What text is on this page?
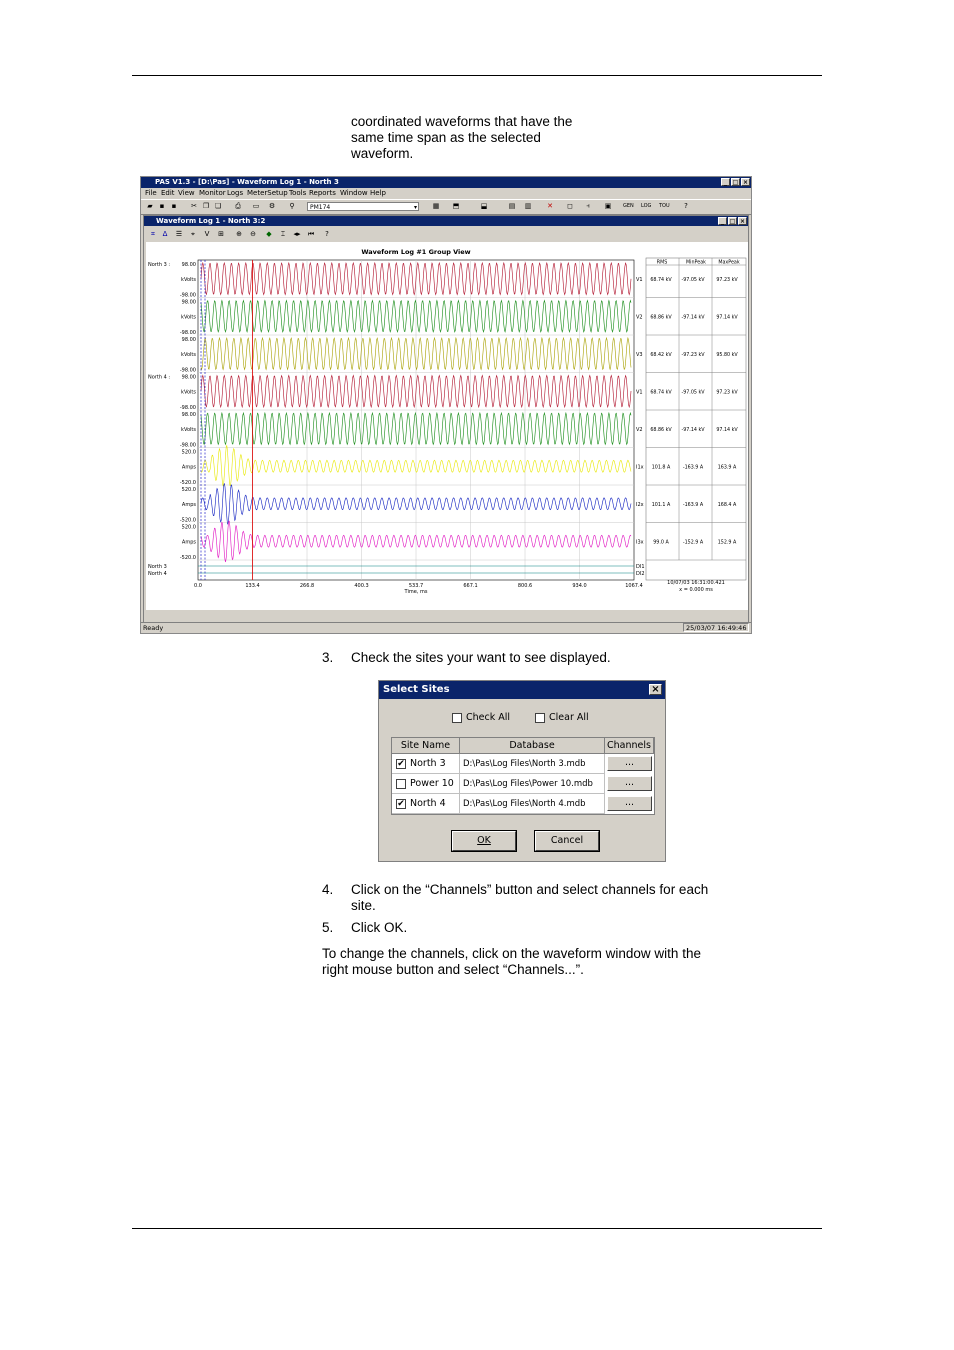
coordinated waveforms that have the
same time span as the selected
waveform.
PAS V1.3 - [D:\Pas] - Waveform Log 1 - North 3	_ □ ×
File Edit View Monitor Logs MeterSetup Tools Reports Window Help
▰ ▪	▪	✂ ❐ ❏	⎙	▭ ⚙	⚲	PM174	▾ ▦ ⬒	⬓	▤ ▥ ✕ ◻	⫞	▣	GEN LOG TOU	?
Waveform Log 1 - North 3:2	_ □ ×
⌗	Δ	☰	⌖	V	⊞ ⊕ ⊖	◆	⌶	◂▸ ⏮	?
Waveform Log #1 Group View
98.00
kVolts
-98.00
V1 68.74 kV -97.05 kV 97.23 kV
98.00
kVolts
-98.00
V2 68.86 kV -97.14 kV 97.14 kV
98.00
kVolts
-98.00
V3 68.42 kV -97.23 kV 95.80 kV
98.00
kVolts
-98.00
V1 68.74 kV -97.05 kV 97.23 kV
98.00
kVolts
-98.00
V2 68.86 kV -97.14 kV 97.14 kV
520.0
Amps
-520.0
I1x 101.8 A	-163.9 A	163.9 A
520.0
Amps
-520.0
I2x 101.1 A	-163.9 A	168.4 A
520.0
Amps
-520.0
I3x 99.0 A	-152.9 A	152.9 A
North 3 :
North 4 :
North 3
North 4
DI1
DI2
0.0	133.4	266.8	400.3	533.7	667.1	800.6	934.0	1067.4
Time, ms
RMS	MinPeak	MaxPeak
10/07/03 16:31:00.421
x = 0.000 ms
Ready	25/03/07 16:49:46
3. Check the sites your want to see displayed.
Select Sites	×
Check All	Clear All
Site Name	Database	Channels
✔ North 3	D:\Pas\Log Files\North 3.mdb	...
Power 10	D:\Pas\Log Files\Power 10.mdb	...
✔ North 4	D:\Pas\Log Files\North 4.mdb	...
OK	Cancel
4. Click on the “Channels” button and select channels for each site.
5. Click OK.
To change the channels, click on the waveform window with the right mouse button and select “Channels...”.
